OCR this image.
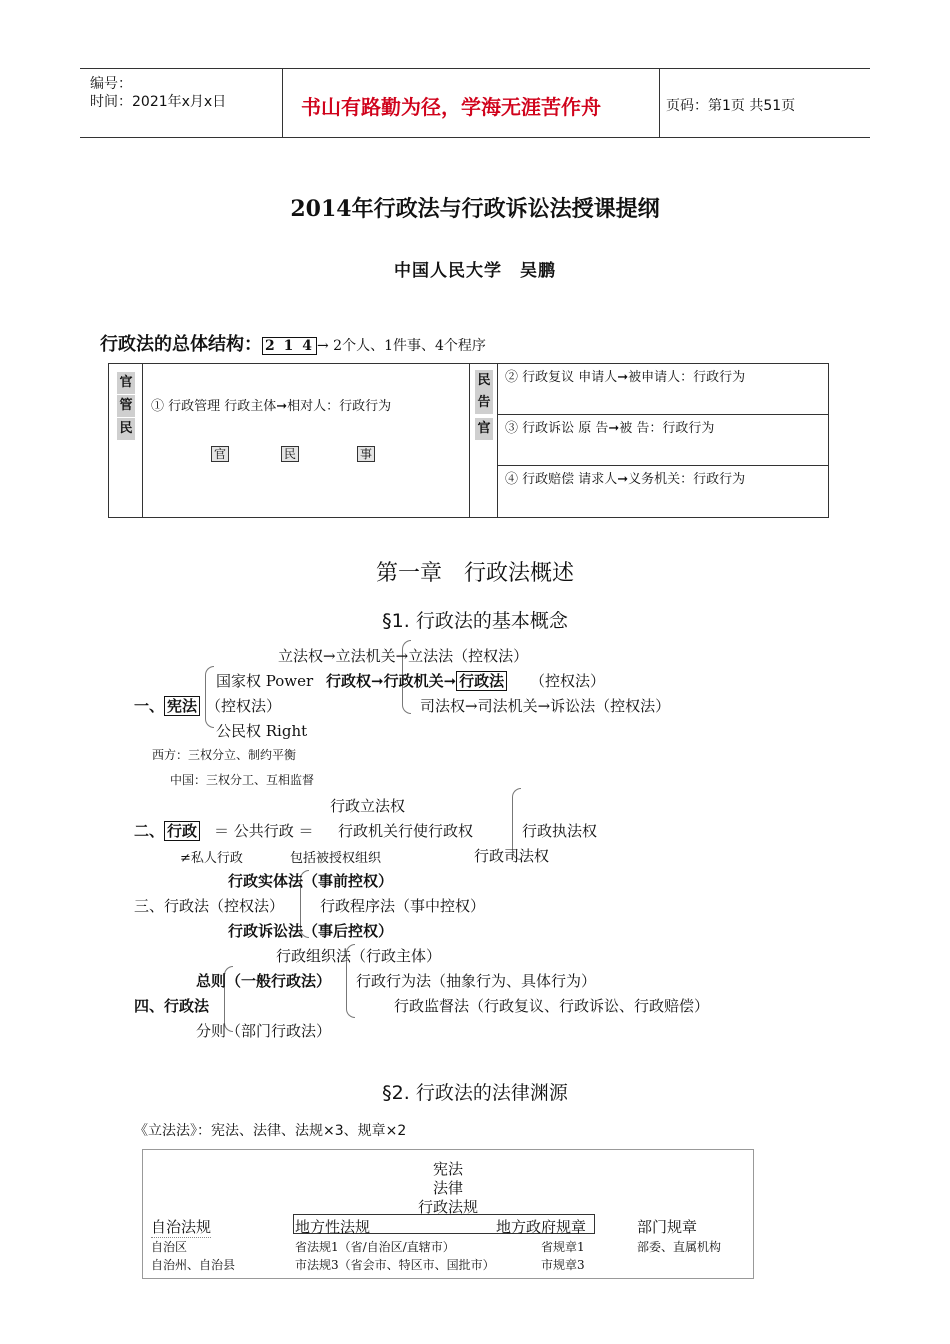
编号：
时间：2021年x月x日	书山有路勤为径，学海无涯苦作舟	页码：第1页 共51页
2014年行政法与行政诉讼法授课提纲
中国人民大学　吴鹏
行政法的总体结构： 2 1 4 → 2个人、1件事、4个程序
官
管
民
① 行政管理 行政主体➞相对人：行政行为
官	民	事
民
告
官
② 行政复议 申请人➞被申请人：行政行为
③ 行政诉讼 原 告➞被 告：行政行为
④ 行政赔偿 请求人➞义务机关：行政行为
第一章　行政法概述
§1. 行政法的基本概念
立法权→立法机关→立法法（控权法）
国家权 Power 行政权➞行政机关➞ 行政法 （控权法）
司法权→司法机关→诉讼法（控权法）
一、 宪法 （控权法）
公民权 Right
西方：三权分立、制约平衡
中国：三权分工、互相监督
行政立法权
二、 行政 ＝ 公共行政 ＝ 行政机关行使行政权	行政执法权
≠私人行政	包括被授权组织	行政司法权
行政实体法（事前控权）
三、行政法（控权法） 行政程序法（事中控权）
行政诉讼法（事后控权）
行政组织法（行政主体）
总则（一般行政法） 行政行为法（抽象行为、具体行为）
四、行政法	行政监督法（行政复议、行政诉讼、行政赔偿）
分则（部门行政法）
§2. 行政法的法律渊源
《立法法》：宪法、法律、法规×3、规章×2
宪法
法律
行政法规
自治法规	地方性法规	地方政府规章	部门规章
自治区
自治州、自治县
省法规1（省/自治区/直辖市）
市法规3（省会市、特区市、国批市）
省规章1
市规章3
部委、直属机构
